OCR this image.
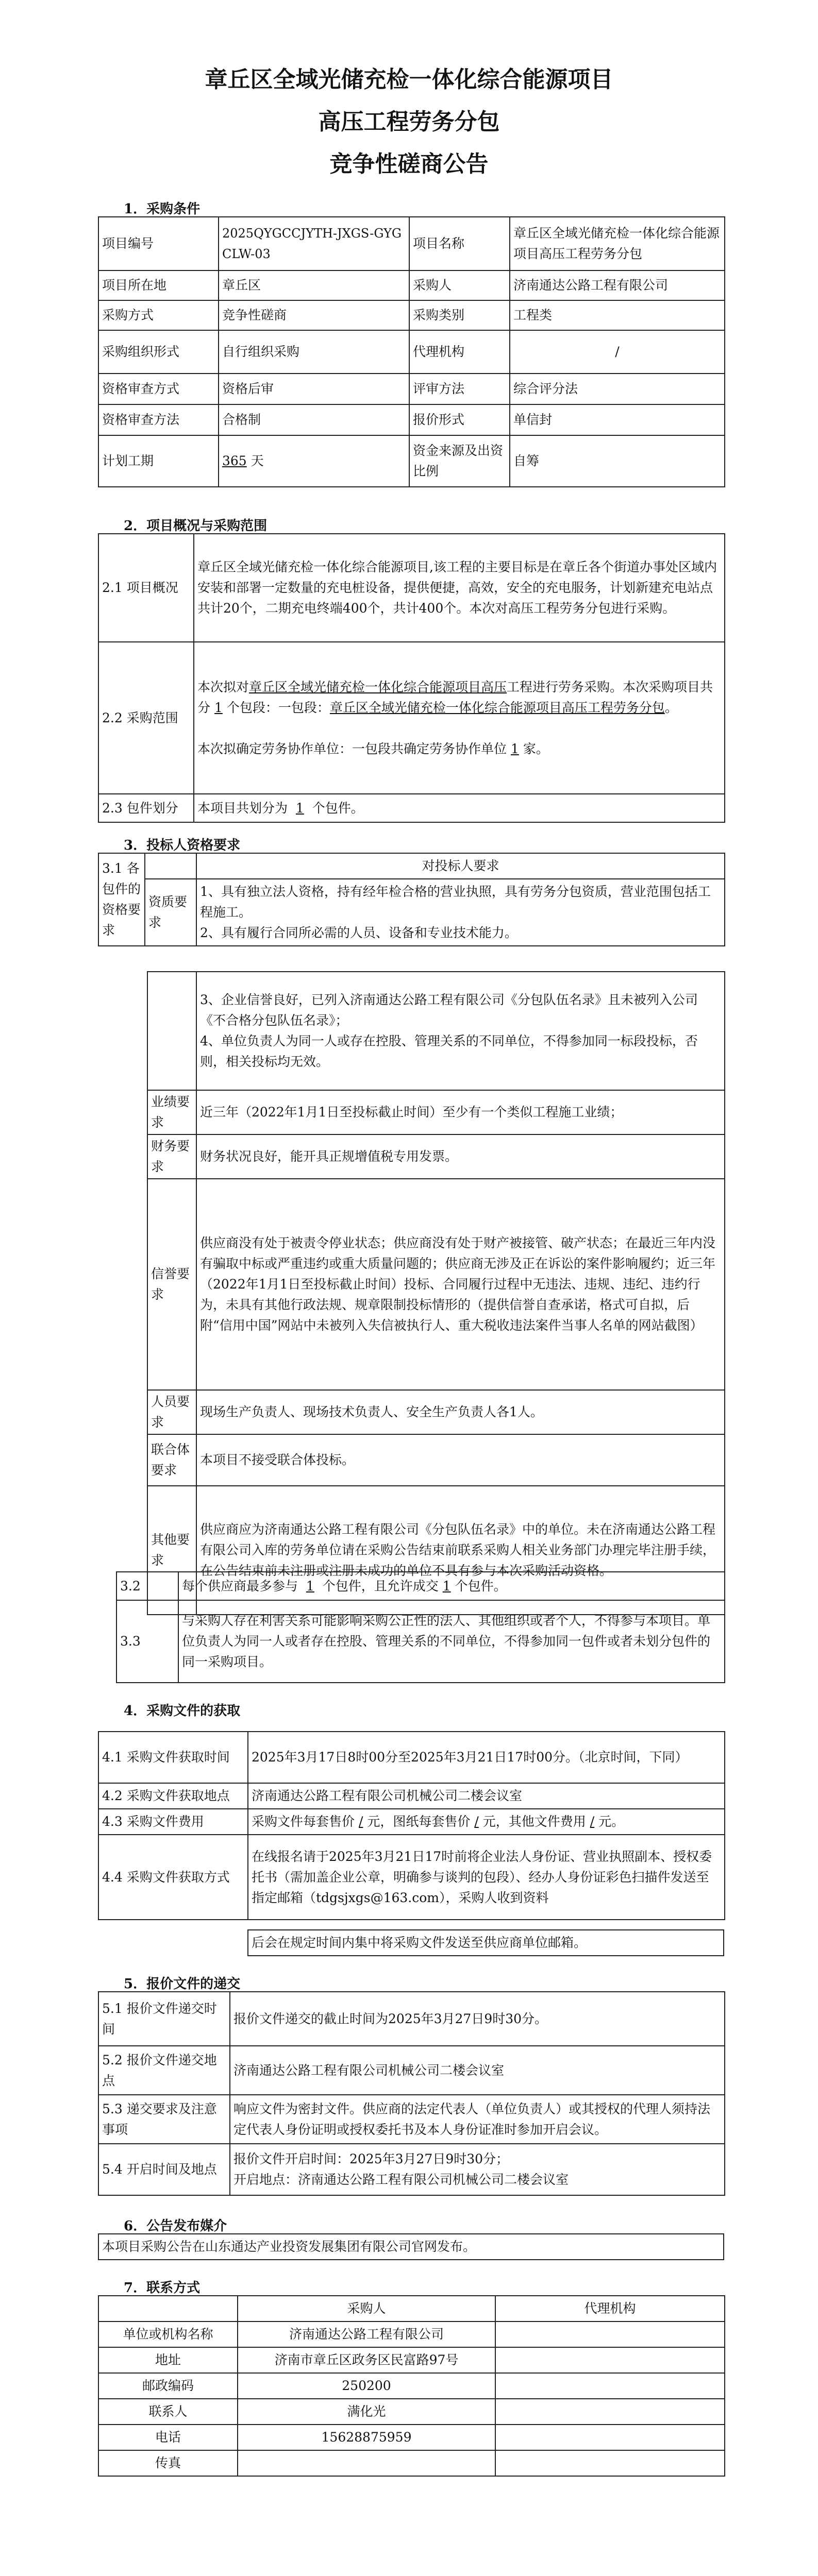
章丘区全域光储充检一体化综合能源项目
高压工程劳务分包
竞争性磋商公告
1．采购条件
项目编号	2025QYGCCJYTH-JXGS-GYGCLW-03	项目名称	章丘区全域光储充检一体化综合能源项目高压工程劳务分包
项目所在地	章丘区	采购人	济南通达公路工程有限公司
采购方式	竞争性磋商	采购类别	工程类
采购组织形式	自行组织采购	代理机构	/
资格审查方式	资格后审	评审方法	综合评分法
资格审查方法	合格制	报价形式	单信封
计划工期	365 天	资金来源及出资比例	自筹
2．项目概况与采购范围
2.1 项目概况	章丘区全域光储充检一体化综合能源项目,该工程的主要目标是在章丘各个街道办事处区域内安装和部署一定数量的充电桩设备，提供便捷，高效，安全的充电服务，计划新建充电站点共计20个，二期充电终端400个，共计400个。本次对高压工程劳务分包进行采购。
2.2 采购范围	本次拟对章丘区全域光储充检一体化综合能源项目高压工程进行劳务采购。本次采购项目共分 1 个包段：一包段：章丘区全域光储充检一体化综合能源项目高压工程劳务分包。
本次拟确定劳务协作单位：一包段共确定劳务协作单位 1 家。
2.3 包件划分	本项目共划分为 1 个包件。
3．投标人资格要求
3.1 各包件的资格要求		对投标人要求
	资质要求	1、具有独立法人资格，持有经年检合格的营业执照，具有劳务分包资质，营业范围包括工程施工。
2、具有履行合同所必需的人员、设备和专业技术能力。
	3、企业信誉良好，已列入济南通达公路工程有限公司《分包队伍名录》且未被列入公司《不合格分包队伍名录》；
4、单位负责人为同一人或存在控股、管理关系的不同单位，不得参加同一标段投标，否则，相关投标均无效。
业绩要求	近三年（2022年1月1日至投标截止时间）至少有一个类似工程施工业绩；
财务要求	财务状况良好，能开具正规增值税专用发票。
信誉要求	供应商没有处于被责令停业状态；供应商没有处于财产被接管、破产状态；在最近三年内没有骗取中标或严重违约或重大质量问题的；供应商无涉及正在诉讼的案件影响履约；近三年（2022年1月1日至投标截止时间）投标、合同履行过程中无违法、违规、违纪、违约行为，未具有其他行政法规、规章限制投标情形的（提供信誉自查承诺，格式可自拟，后附“信用中国”网站中未被列入失信被执行人、重大税收违法案件当事人名单的网站截图）
人员要求	现场生产负责人、现场技术负责人、安全生产负责人各1人。
联合体要求	本项目不接受联合体投标。
其他要求	供应商应为济南通达公路工程有限公司《分包队伍名录》中的单位。未在济南通达公路工程有限公司入库的劳务单位请在采购公告结束前联系采购人相关业务部门办理完毕注册手续，在公告结束前未注册或注册未成功的单位不具有参与本次采购活动资格。
3.2	每个供应商最多参与 1 个包件，且允许成交 1 个包件。
3.3	与采购人存在利害关系可能影响采购公正性的法人、其他组织或者个人，不得参与本项目。单位负责人为同一人或者存在控股、管理关系的不同单位，不得参加同一包件或者未划分包件的同一采购项目。
4．采购文件的获取
4.1 采购文件获取时间	2025年3月17日8时00分至2025年3月21日17时00分。（北京时间，下同）
4.2 采购文件获取地点	济南通达公路工程有限公司机械公司二楼会议室
4.3 采购文件费用	采购文件每套售价 / 元，图纸每套售价 / 元，其他文件费用 / 元。
4.4 采购文件获取方式	在线报名请于2025年3月21日17时前将企业法人身份证、营业执照副本、授权委托书（需加盖企业公章，明确参与谈判的包段）、经办人身份证彩色扫描件发送至指定邮箱（tdgsjxgs@163.com），采购人收到资料
后会在规定时间内集中将采购文件发送至供应商单位邮箱。
5．报价文件的递交
5.1 报价文件递交时间	报价文件递交的截止时间为2025年3月27日9时30分。
5.2 报价文件递交地点	济南通达公路工程有限公司机械公司二楼会议室
5.3 递交要求及注意事项	响应文件为密封文件。供应商的法定代表人（单位负责人）或其授权的代理人须持法定代表人身份证明或授权委托书及本人身份证准时参加开启会议。
5.4 开启时间及地点	报价文件开启时间：2025年3月27日9时30分；
开启地点：济南通达公路工程有限公司机械公司二楼会议室
6．公告发布媒介
本项目采购公告在山东通达产业投资发展集团有限公司官网发布。
7．联系方式
	采购人	代理机构
单位或机构名称	济南通达公路工程有限公司	
地址	济南市章丘区政务区民富路97号	
邮政编码	250200	
联系人	满化光	
电话	15628875959	
传真		
